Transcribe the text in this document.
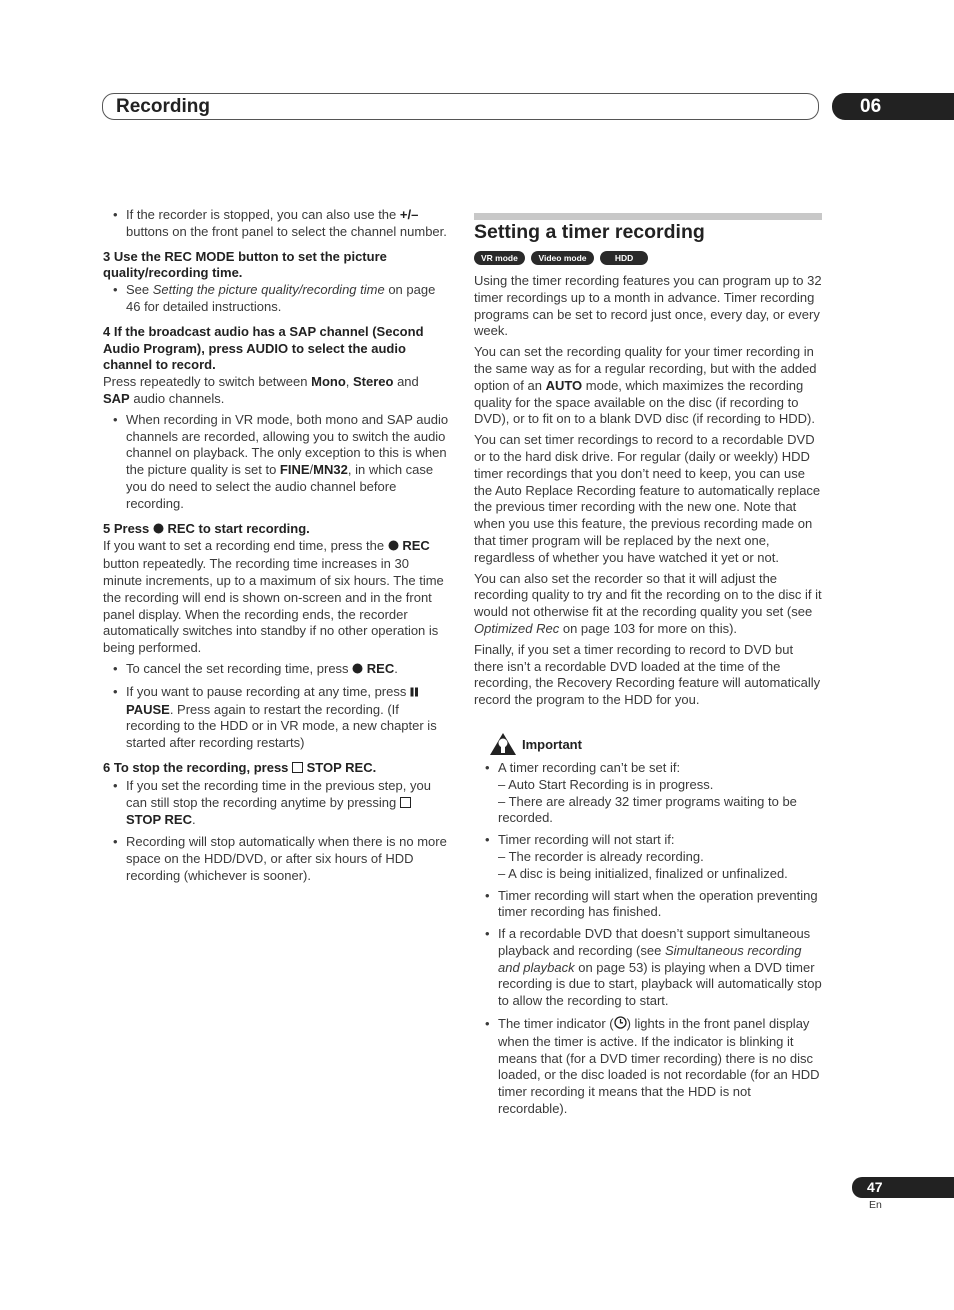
Recording	06

• If the recorder is stopped, you can also use the +/– buttons on the front panel to select the channel number.

3 Use the REC MODE button to set the picture quality/recording time.

• See Setting the picture quality/recording time on page 46 for detailed instructions.

4 If the broadcast audio has a SAP channel (Second Audio Program), press AUDIO to select the audio channel to record.

Press repeatedly to switch between Mono, Stereo and SAP audio channels.

• When recording in VR mode, both mono and SAP audio channels are recorded, allowing you to switch the audio channel on playback. The only exception to this is when the picture quality is set to FINE/MN32, in which case you do need to select the audio channel before recording.

5 Press  REC to start recording.

If you want to set a recording end time, press the  REC button repeatedly. The recording time increases in 30 minute increments, up to a maximum of six hours. The time the recording will end is shown on-screen and in the front panel display. When the recording ends, the recorder automatically switches into standby if no other operation is being performed.

• To cancel the set recording time, press  REC.

• If you want to pause recording at any time, press  PAUSE. Press again to restart the recording. (If recording to the HDD or in VR mode, a new chapter is started after recording restarts)

6 To stop the recording, press  STOP REC.

• If you set the recording time in the previous step, you can still stop the recording anytime by pressing
STOP REC.

• Recording will stop automatically when there is no more space on the HDD/DVD, or after six hours of HDD recording (whichever is sooner).

Setting a timer recording

VR mode Video mode	HDD

Using the timer recording features you can program up to 32 timer recordings up to a month in advance. Timer recording programs can be set to record just once, every day, or every week.

You can set the recording quality for your timer recording in the same way as for a regular recording, but with the added option of an AUTO mode, which maximizes the recording quality for the space available on the disc (if recording to DVD), or to fit on to a blank DVD disc (if recording to HDD).

You can set timer recordings to record to a recordable DVD or to the hard disk drive. For regular (daily or weekly) HDD timer recordings that you don’t need to keep, you can use the Auto Replace Recording feature to automatically replace the previous timer recording with the new one. Note that when you use this feature, the previous recording made on that timer program will be replaced by the next one, regardless of whether you have watched it yet or not.

You can also set the recorder so that it will adjust the recording quality to try and fit the recording on to the disc if it would not otherwise fit at the recording quality you set (see Optimized Rec on page 103 for more on this).

Finally, if you set a timer recording to record to DVD but there isn’t a recordable DVD loaded at the time of the recording, the Recovery Recording feature will automatically record the program to the HDD for you.

Important

• A timer recording can’t be set if:
– Auto Start Recording is in progress.
– There are already 32 timer programs waiting to be recorded.

• Timer recording will not start if:
– The recorder is already recording.
– A disc is being initialized, finalized or unfinalized.

• Timer recording will start when the operation preventing timer recording has finished.

• If a recordable DVD that doesn’t support simultaneous playback and recording (see Simultaneous recording and playback on page 53) is playing when a DVD timer recording is due to start, playback will automatically stop to allow the recording to start.

• The timer indicator ( ) lights in the front panel display when the timer is active. If the indicator is blinking it means that (for a DVD timer recording) there is no disc loaded, or the disc loaded is not recordable (for an HDD timer recording it means that the HDD is not recordable).

47
En
